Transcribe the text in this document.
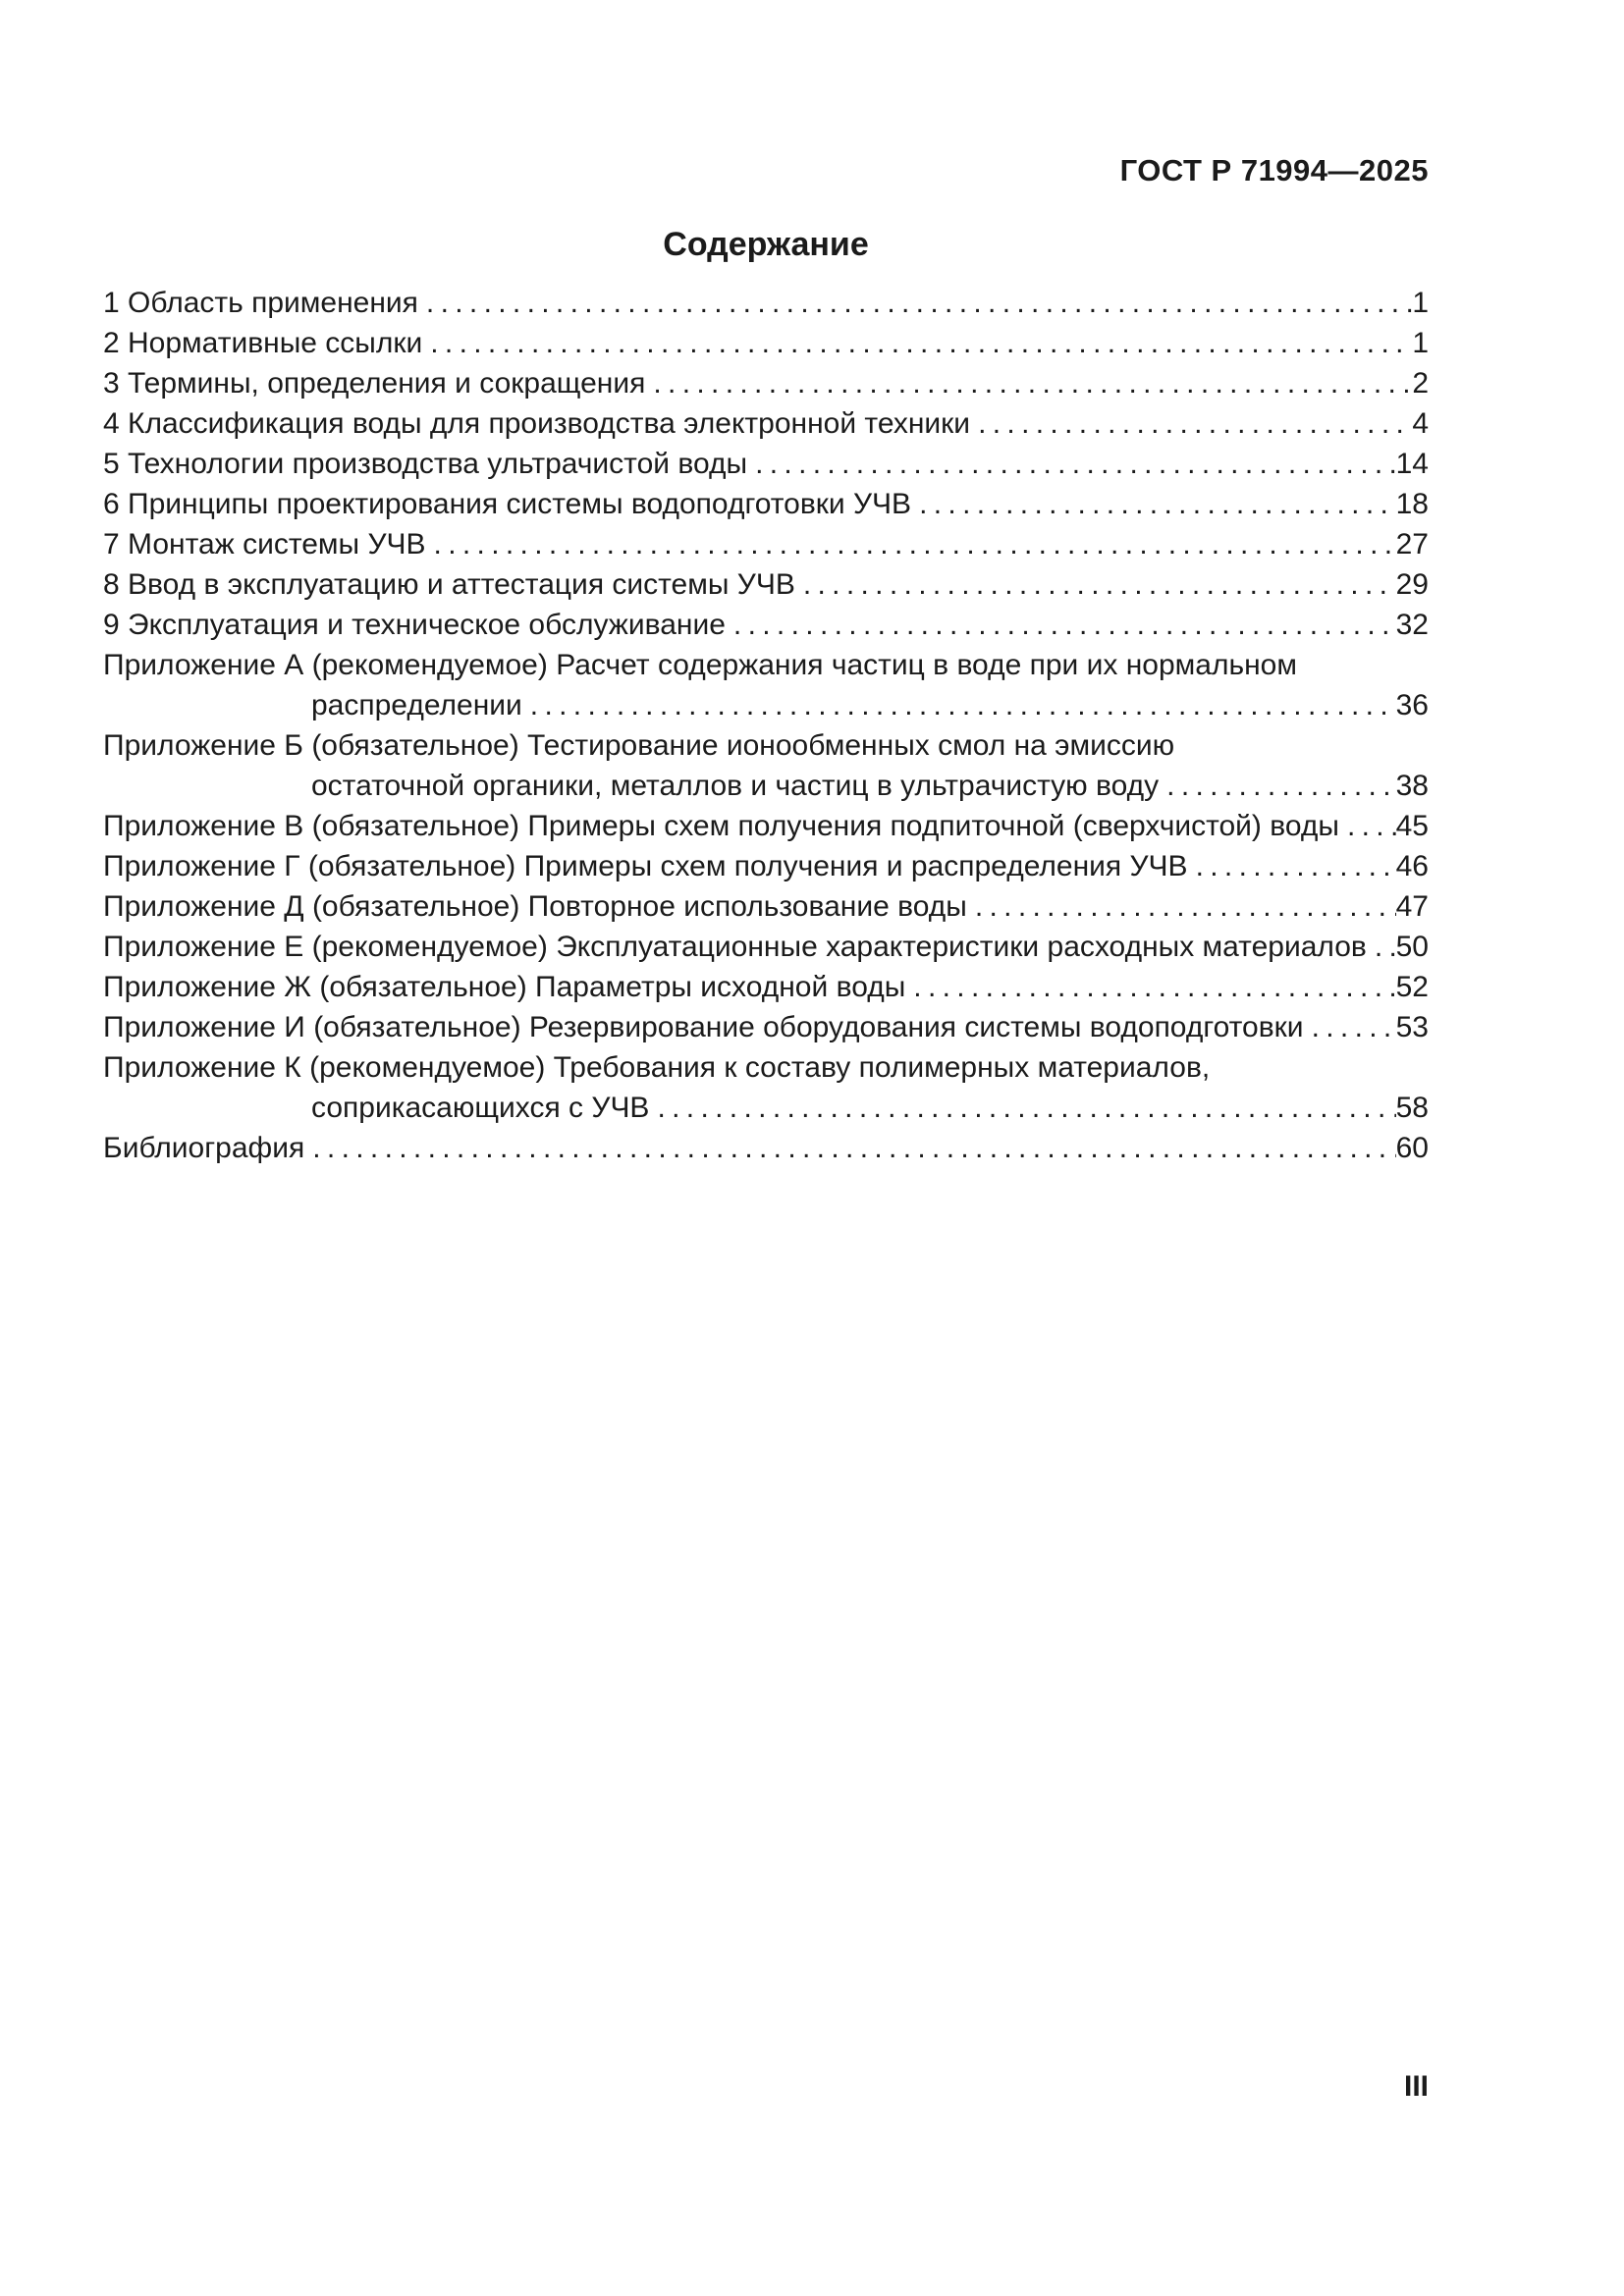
ГОСТ Р 71994—2025
Содержание
1 Область применения . . .	1
2 Нормативные ссылки . . .	1
3 Термины, определения и сокращения . . .	2
4 Классификация воды для производства электронной техники . . .	4
5 Технологии производства ультрачистой воды . . .	14
6 Принципы проектирования системы водоподготовки УЧВ . . .	18
7 Монтаж системы УЧВ . . .	27
8 Ввод в эксплуатацию и аттестация системы УЧВ . . .	29
9 Эксплуатация и техническое обслуживание . . .	32
Приложение А (рекомендуемое) Расчет содержания частиц в воде при их нормальном
распределении . . .	36
Приложение Б (обязательное) Тестирование ионообменных смол на эмиссию
остаточной органики, металлов и частиц в ультрачистую воду . . .	38
Приложение В (обязательное) Примеры схем получения подпиточной (сверхчистой) воды . . . 45
Приложение Г (обязательное) Примеры схем получения и распределения УЧВ . . .	46
Приложение Д (обязательное) Повторное использование воды . . .	47
Приложение Е (рекомендуемое) Эксплуатационные характеристики расходных материалов . . . 50
Приложение Ж (обязательное) Параметры исходной воды . . .	52
Приложение И (обязательное) Резервирование оборудования системы водоподготовки . . .	53
Приложение К (рекомендуемое) Требования к составу полимерных материалов,
соприкасающихся с УЧВ . . .	58
Библиография . . .	60
III
